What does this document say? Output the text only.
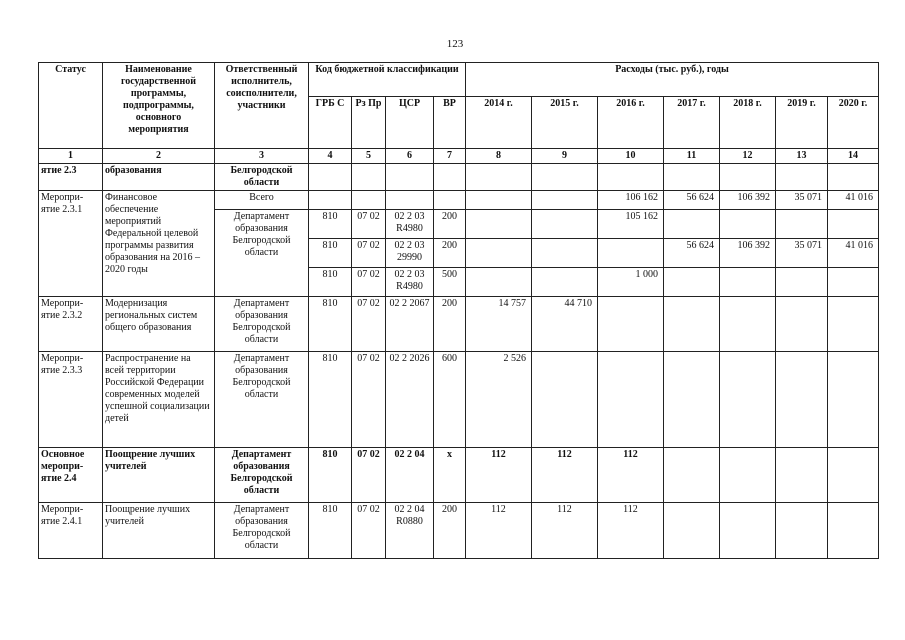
123
Статус	Наименование государственной программы, подпрограммы, основного мероприятия	Ответственный исполнитель, соисполнители, участники	Код бюджетной классификации				Расходы (тыс. руб.), годы						
			ГРБ С	Рз Пр	ЦСР	ВР	2014 г.	2015 г.	2016 г.	2017 г.	2018 г.	2019 г.	2020 г.
1	2	3	4	5	6	7	8	9	10	11	12	13	14
ятие 2.3	образования	Белгородской области											
Меропри-ятие 2.3.1	Финансовое обеспечение мероприятий Федеральной целевой программы развития образования на 2016 – 2020 годы	Всего							106 162	56 624	106 392	35 071	41 016
		Департамент образования Белгородской области	810	07 02	02 2 03 R4980	200			105 162				
			810	07 02	02 2 03 29990	200				56 624	106 392	35 071	41 016
			810	07 02	02 2 03 R4980	500			1 000				
Меропри-ятие 2.3.2	Модернизация региональных систем общего образования	Департамент образования Белгородской области	810	07 02	02 2 2067	200	14 757	44 710					
Меропри-ятие 2.3.3	Распространение на всей территории Российской Федерации современных моделей успешной социализации детей	Департамент образования Белгородской области	810	07 02	02 2 2026	600	2 526						
Основное меропри-ятие 2.4	Поощрение лучших учителей	Департамент образования Белгородской области	810	07 02	02 2 04	х	112	112	112				
Меропри-ятие 2.4.1	Поощрение лучших учителей	Департамент образования Белгородской области	810	07 02	02 2 04 R0880	200	112	112	112				
